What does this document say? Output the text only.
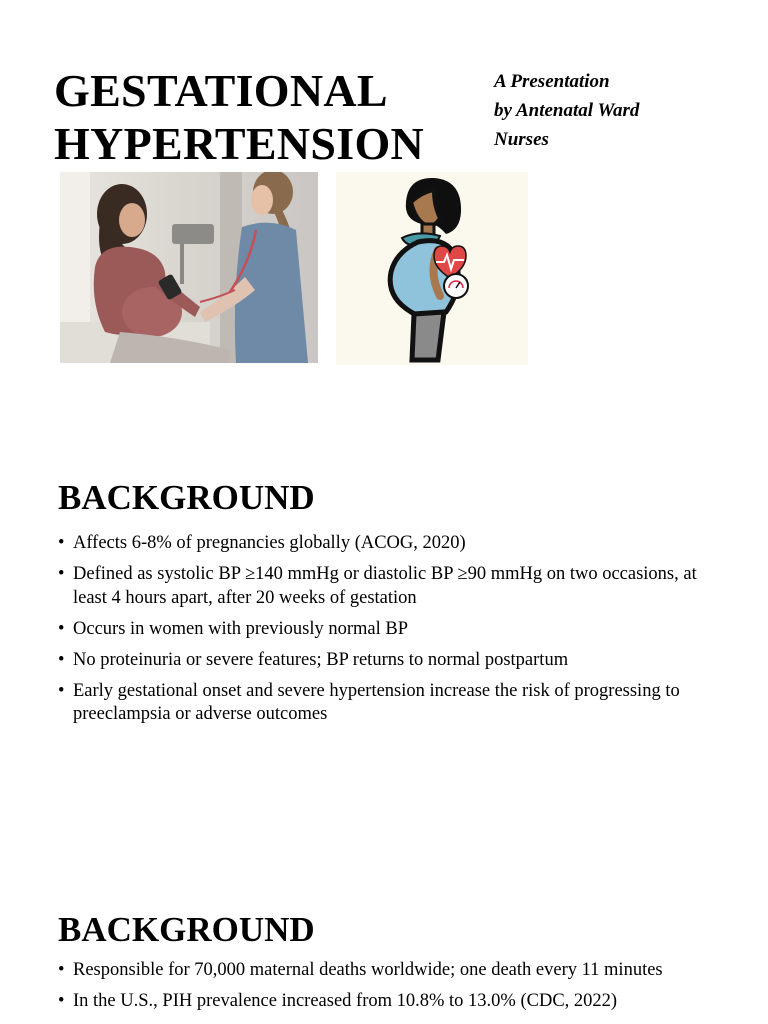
GESTATIONAL
HYPERTENSION
A Presentation
by Antenatal Ward
Nurses
BACKGROUND
• Affects 6-8% of pregnancies globally (ACOG, 2020)
• Defined as systolic BP ≥140 mmHg or diastolic BP ≥90 mmHg on two occasions, at least 4 hours apart, after 20 weeks of gestation
• Occurs in women with previously normal BP
• No proteinuria or severe features; BP returns to normal postpartum
• Early gestational onset and severe hypertension increase the risk of progressing to preeclampsia or adverse outcomes
BACKGROUND
• Responsible for 70,000 maternal deaths worldwide; one death every 11 minutes
• In the U.S., PIH prevalence increased from 10.8% to 13.0% (CDC, 2022)
